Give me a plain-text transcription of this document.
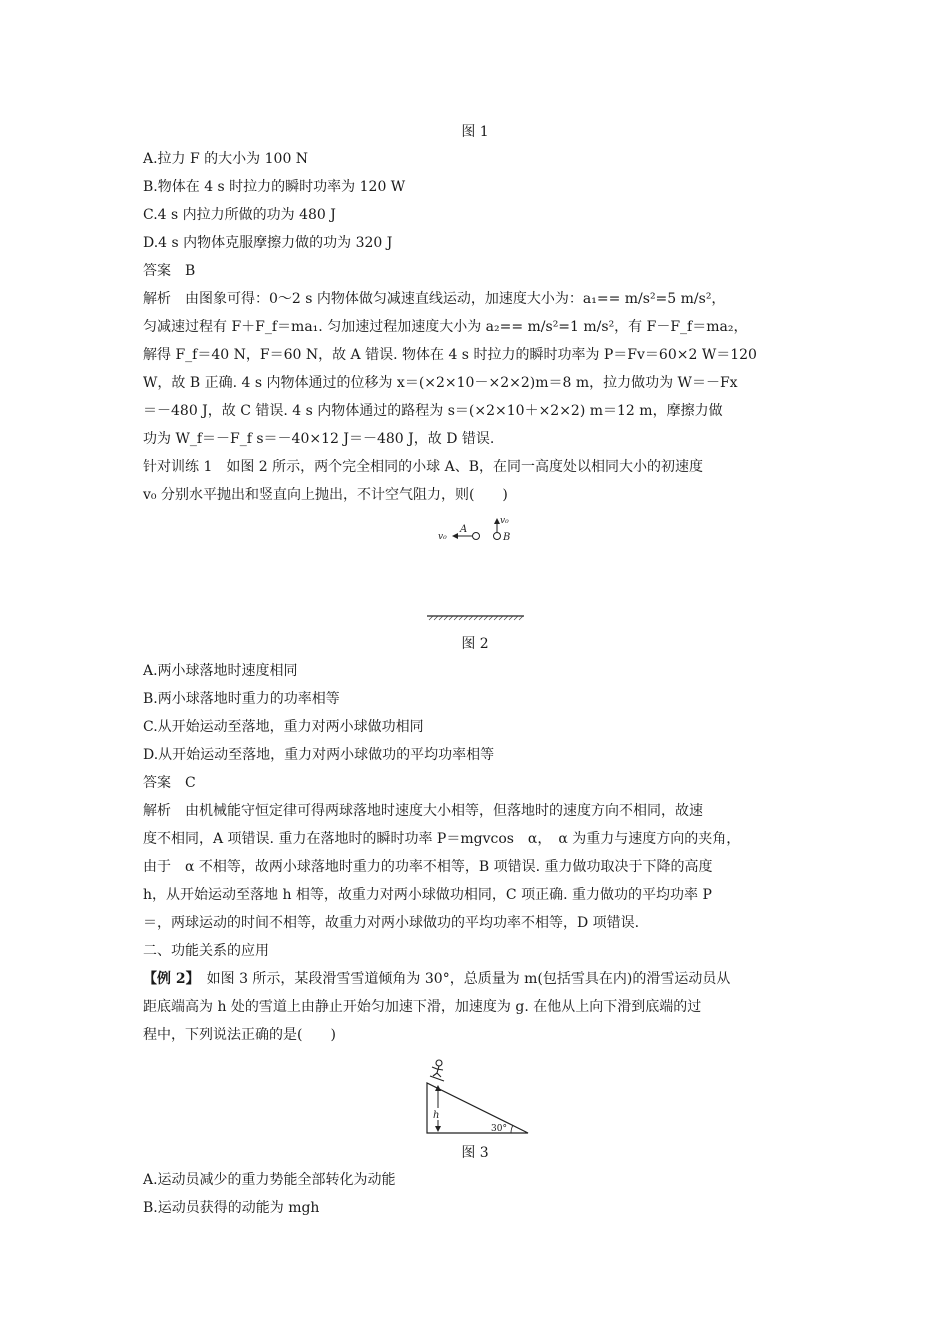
图 1
A.拉力 F 的大小为 100 N
B.物体在 4 s 时拉力的瞬时功率为 120 W
C.4 s 内拉力所做的功为 480 J
D.4 s 内物体克服摩擦力做的功为 320 J
答案　B
解析　由图象可得：0～2 s 内物体做匀减速直线运动，加速度大小为：a₁== m/s²=5 m/s²，
匀减速过程有 F＋F_f＝ma₁. 匀加速过程加速度大小为 a₂== m/s²=1 m/s²，有 F－F_f＝ma₂，
解得 F_f＝40 N，F＝60 N，故 A 错误. 物体在 4 s 时拉力的瞬时功率为 P＝Fv＝60×2 W＝120
W，故 B 正确. 4 s 内物体通过的位移为 x＝(×2×10－×2×2)m＝8 m，拉力做功为 W＝－Fx
＝－480 J，故 C 错误. 4 s 内物体通过的路程为 s＝(×2×10＋×2×2) m＝12 m，摩擦力做
功为 W_f＝－F_f s＝－40×12 J＝－480 J，故 D 错误.
针对训练 1　如图 2 所示，两个完全相同的小球 A、B，在同一高度处以相同大小的初速度
v₀ 分别水平抛出和竖直向上抛出，不计空气阻力，则(　　)
v₀
A
v₀
B
图 2
A.两小球落地时速度相同
B.两小球落地时重力的功率相等
C.从开始运动至落地，重力对两小球做功相同
D.从开始运动至落地，重力对两小球做功的平均功率相等
答案　C
解析　由机械能守恒定律可得两球落地时速度大小相等，但落地时的速度方向不相同，故速
度不相同，A 项错误. 重力在落地时的瞬时功率 P＝mgvcos　α，　α 为重力与速度方向的夹角，
由于　α 不相等，故两小球落地时重力的功率不相等，B 项错误. 重力做功取决于下降的高度
h，从开始运动至落地 h 相等，故重力对两小球做功相同，C 项正确. 重力做功的平均功率 P
＝，两球运动的时间不相等，故重力对两小球做功的平均功率不相等，D 项错误.
二、功能关系的应用
【例 2】　如图 3 所示，某段滑雪雪道倾角为 30°，总质量为 m(包括雪具在内)的滑雪运动员从
距底端高为 h 处的雪道上由静止开始匀加速下滑，加速度为 g. 在他从上向下滑到底端的过
程中，下列说法正确的是(　　)
h
30°
图 3
A.运动员减少的重力势能全部转化为动能
B.运动员获得的动能为 mgh
